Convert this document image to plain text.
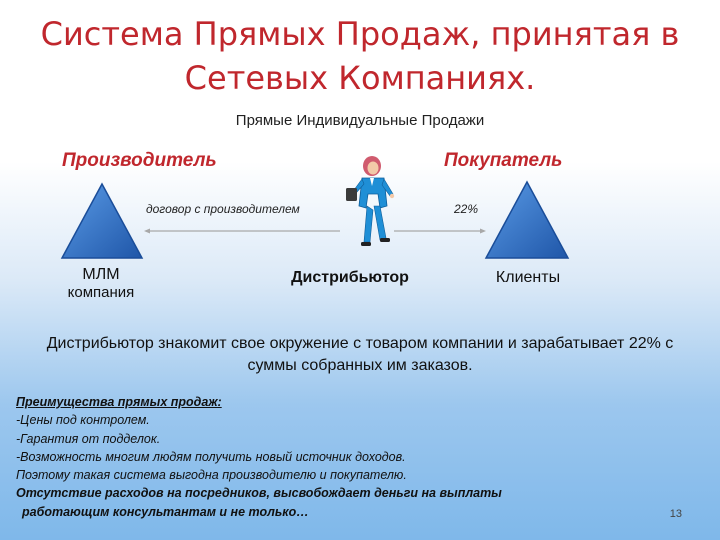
Система Прямых Продаж, принятая в Сетевых Компаниях.
Прямые Индивидуальные Продажи
Производитель	Покупатель
договор с производителем	22%
МЛМ
компания
Дистрибьютор	Клиенты
Дистрибьютор знакомит свое окружение с товаром компании и зарабатывает 22% с суммы собранных им заказов.
Преимущества прямых продаж:
-Цены под контролем.
-Гарантия от подделок.
-Возможность многим людям получить новый источник доходов.
Поэтому такая система выгодна производителю и покупателю.
Отсутствие расходов на посредников, высвобождает деньги на выплаты
работающим консультантам и не только…	13
